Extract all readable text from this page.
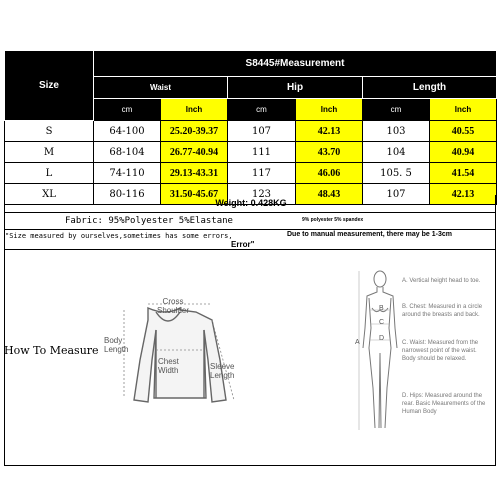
Size	S8445#Measurement					
	Waist		Hip		Length	
	cm	Inch	cm	Inch	cm	Inch
S	64-100	25.20-39.37	107	42.13	103	40.55
M	68-104	26.77-40.94	111	43.70	104	40.94
L	74-110	29.13-43.31	117	46.06	105. 5	41.54
XL	80-116	31.50-45.67	123	48.43	107	42.13
Weight: 0.428KG
Fabric: 95%Polyester 5%Elastane	9% polyester 5% spandex
"Size measured by ourselves,sometimes has some errors,
Error"
Due to manual measurement, there may be 1-3cm
How To Measure
Cross Shoulder
Body Length
Chest Width	Sleeve Length
A
B
C
D
A. Vertical height head to toe.
B. Chest: Measured in a circle around the breasts and back.
C. Waist: Measured from the narrowest point of the waist. Body should be relaxed.
D. Hips: Measured around the rear. Basic Meaurements of the Human Body
